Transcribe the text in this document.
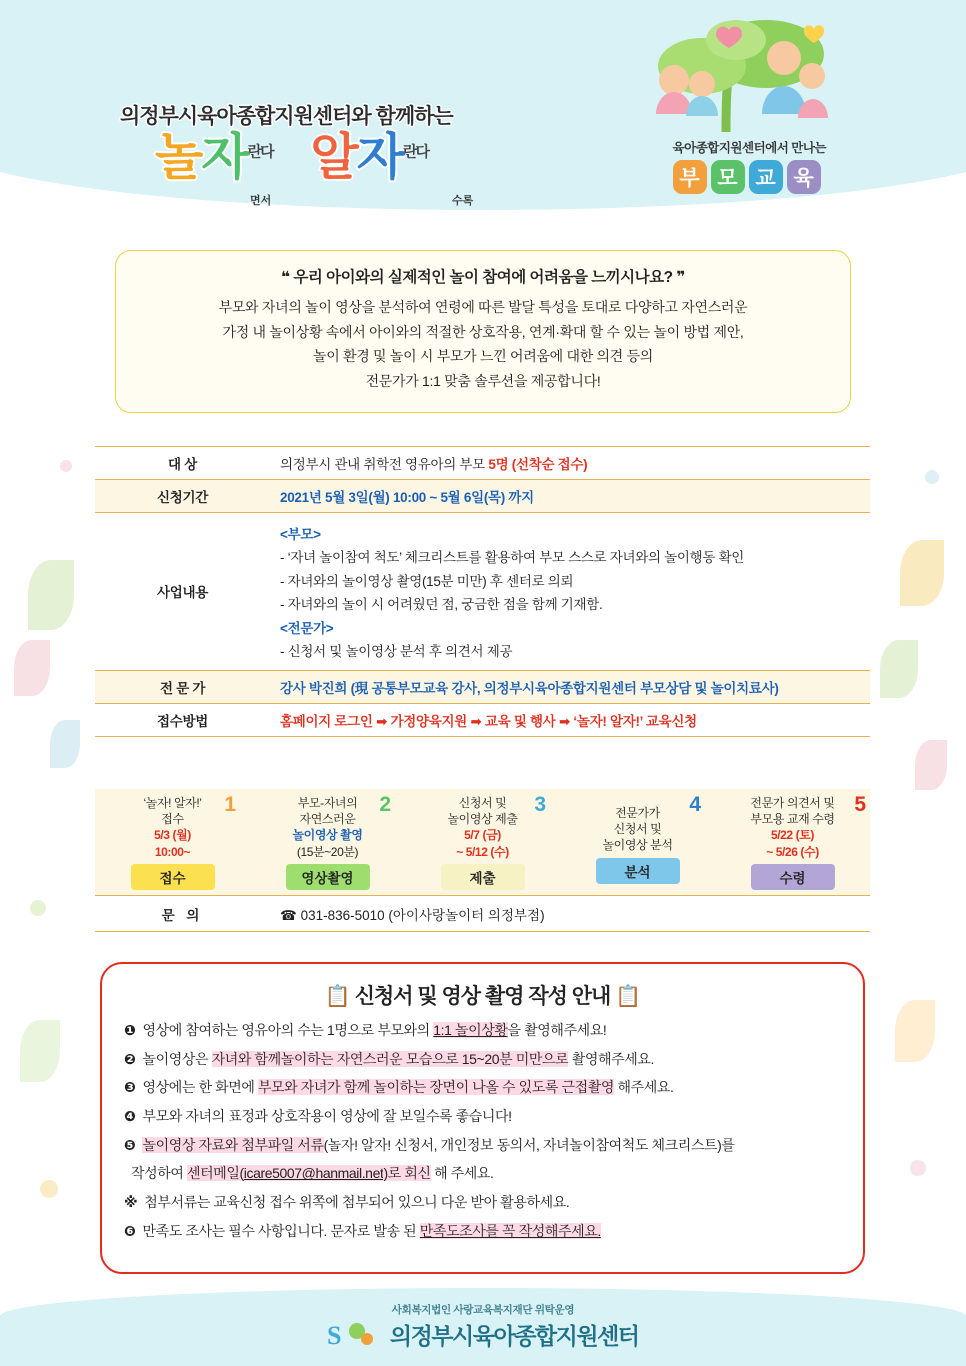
의정부시육아종합지원센터와 함께하는
놀자$^{란다}$ 알자$^{란다}$
면서	수록
육아종합지원센터에서 만나는
부 모 교 육
❝ 우리 아이와의 실제적인 놀이 참여에 어려움을 느끼시나요? ❞

부모와 자녀의 놀이 영상을 분석하여 연령에 따른 발달 특성을 토대로 다양하고 자연스러운

가정 내 놀이상황 속에서 아이와의 적절한 상호작용, 연계·확대 할 수 있는 놀이 방법 제안,

놀이 환경 및 놀이 시 부모가 느낀 어려움에 대한 의견 등의

전문가가 1:1 맞춤 솔루션을 제공합니다!

대 상	의정부시 관내 취학전 영유아의 부모 5명 (선착순 접수)
신청기간	2021년 5월 3일(월) 10:00 ~ 5월 6일(목) 까지
사업내용	
<부모>
- ‘자녀 놀이참여 척도’ 체크리스트를 활용하여 부모 스스로 자녀와의 놀이행동 확인
- 자녀와의 놀이영상 촬영(15분 미만) 후 센터로 의뢰
- 자녀와의 놀이 시 어려웠던 점, 궁금한 점을 함께 기재함.
<전문가>
- 신청서 및 놀이영상 분석 후 의견서 제공

전 문 가	강사 박진희 (現 공통부모교육 강사, 의정부시육아종합지원센터 부모상담 및 놀이치료사)
접수방법	홈페이지 로그인 ➡ 가정양육지원 ➡ 교육 및 행사 ➡ ‘놀자! 알자!’ 교육신청
1
‘놀자! 알자!’
접수
5/3 (월)
10:00~
접수
2
부모-자녀의
자연스러운
놀이영상 촬영
(15분~20분)
영상촬영
3
신청서 및
놀이영상 제출
5/7 (금)
~ 5/12 (수)
제출
4
전문가가
신청서 및
놀이영상 분석
분석
5
전문가 의견서 및
부모용 교재 수령
5/22 (토)
~ 5/26 (수)
수령
문 의	☎ 031-836-5010 (아이사랑놀이터 의정부점)
📋 신청서 및 영상 촬영 작성 안내 📋
❶ 영상에 참여하는 영유아의 수는 1명으로 부모와의 1:1 놀이상황을 촬영해주세요!
❷ 놀이영상은 자녀와 함께놀이하는 자연스러운 모습으로 15~20분 미만으로 촬영해주세요.
❸ 영상에는 한 화면에 부모와 자녀가 함께 놀이하는 장면이 나올 수 있도록 근접촬영 해주세요.
❹ 부모와 자녀의 표정과 상호작용이 영상에 잘 보일수록 좋습니다!
❺ 놀이영상 자료와 첨부파일 서류(놀자! 알자! 신청서, 개인정보 동의서, 자녀놀이참여척도 체크리스트)를
작성하여 센터메일(icare5007@hanmail.net)로 회신 해 주세요.
※ 첨부서류는 교육신청 접수 위쪽에 첨부되어 있으니 다운 받아 활용하세요.
❻ 만족도 조사는 필수 사항입니다. 문자로 발송 된 만족도조사를 꼭 작성해주세요.
사회복지법인 사랑교육복지재단 위탁운영
S 의정부시육아종합지원센터
